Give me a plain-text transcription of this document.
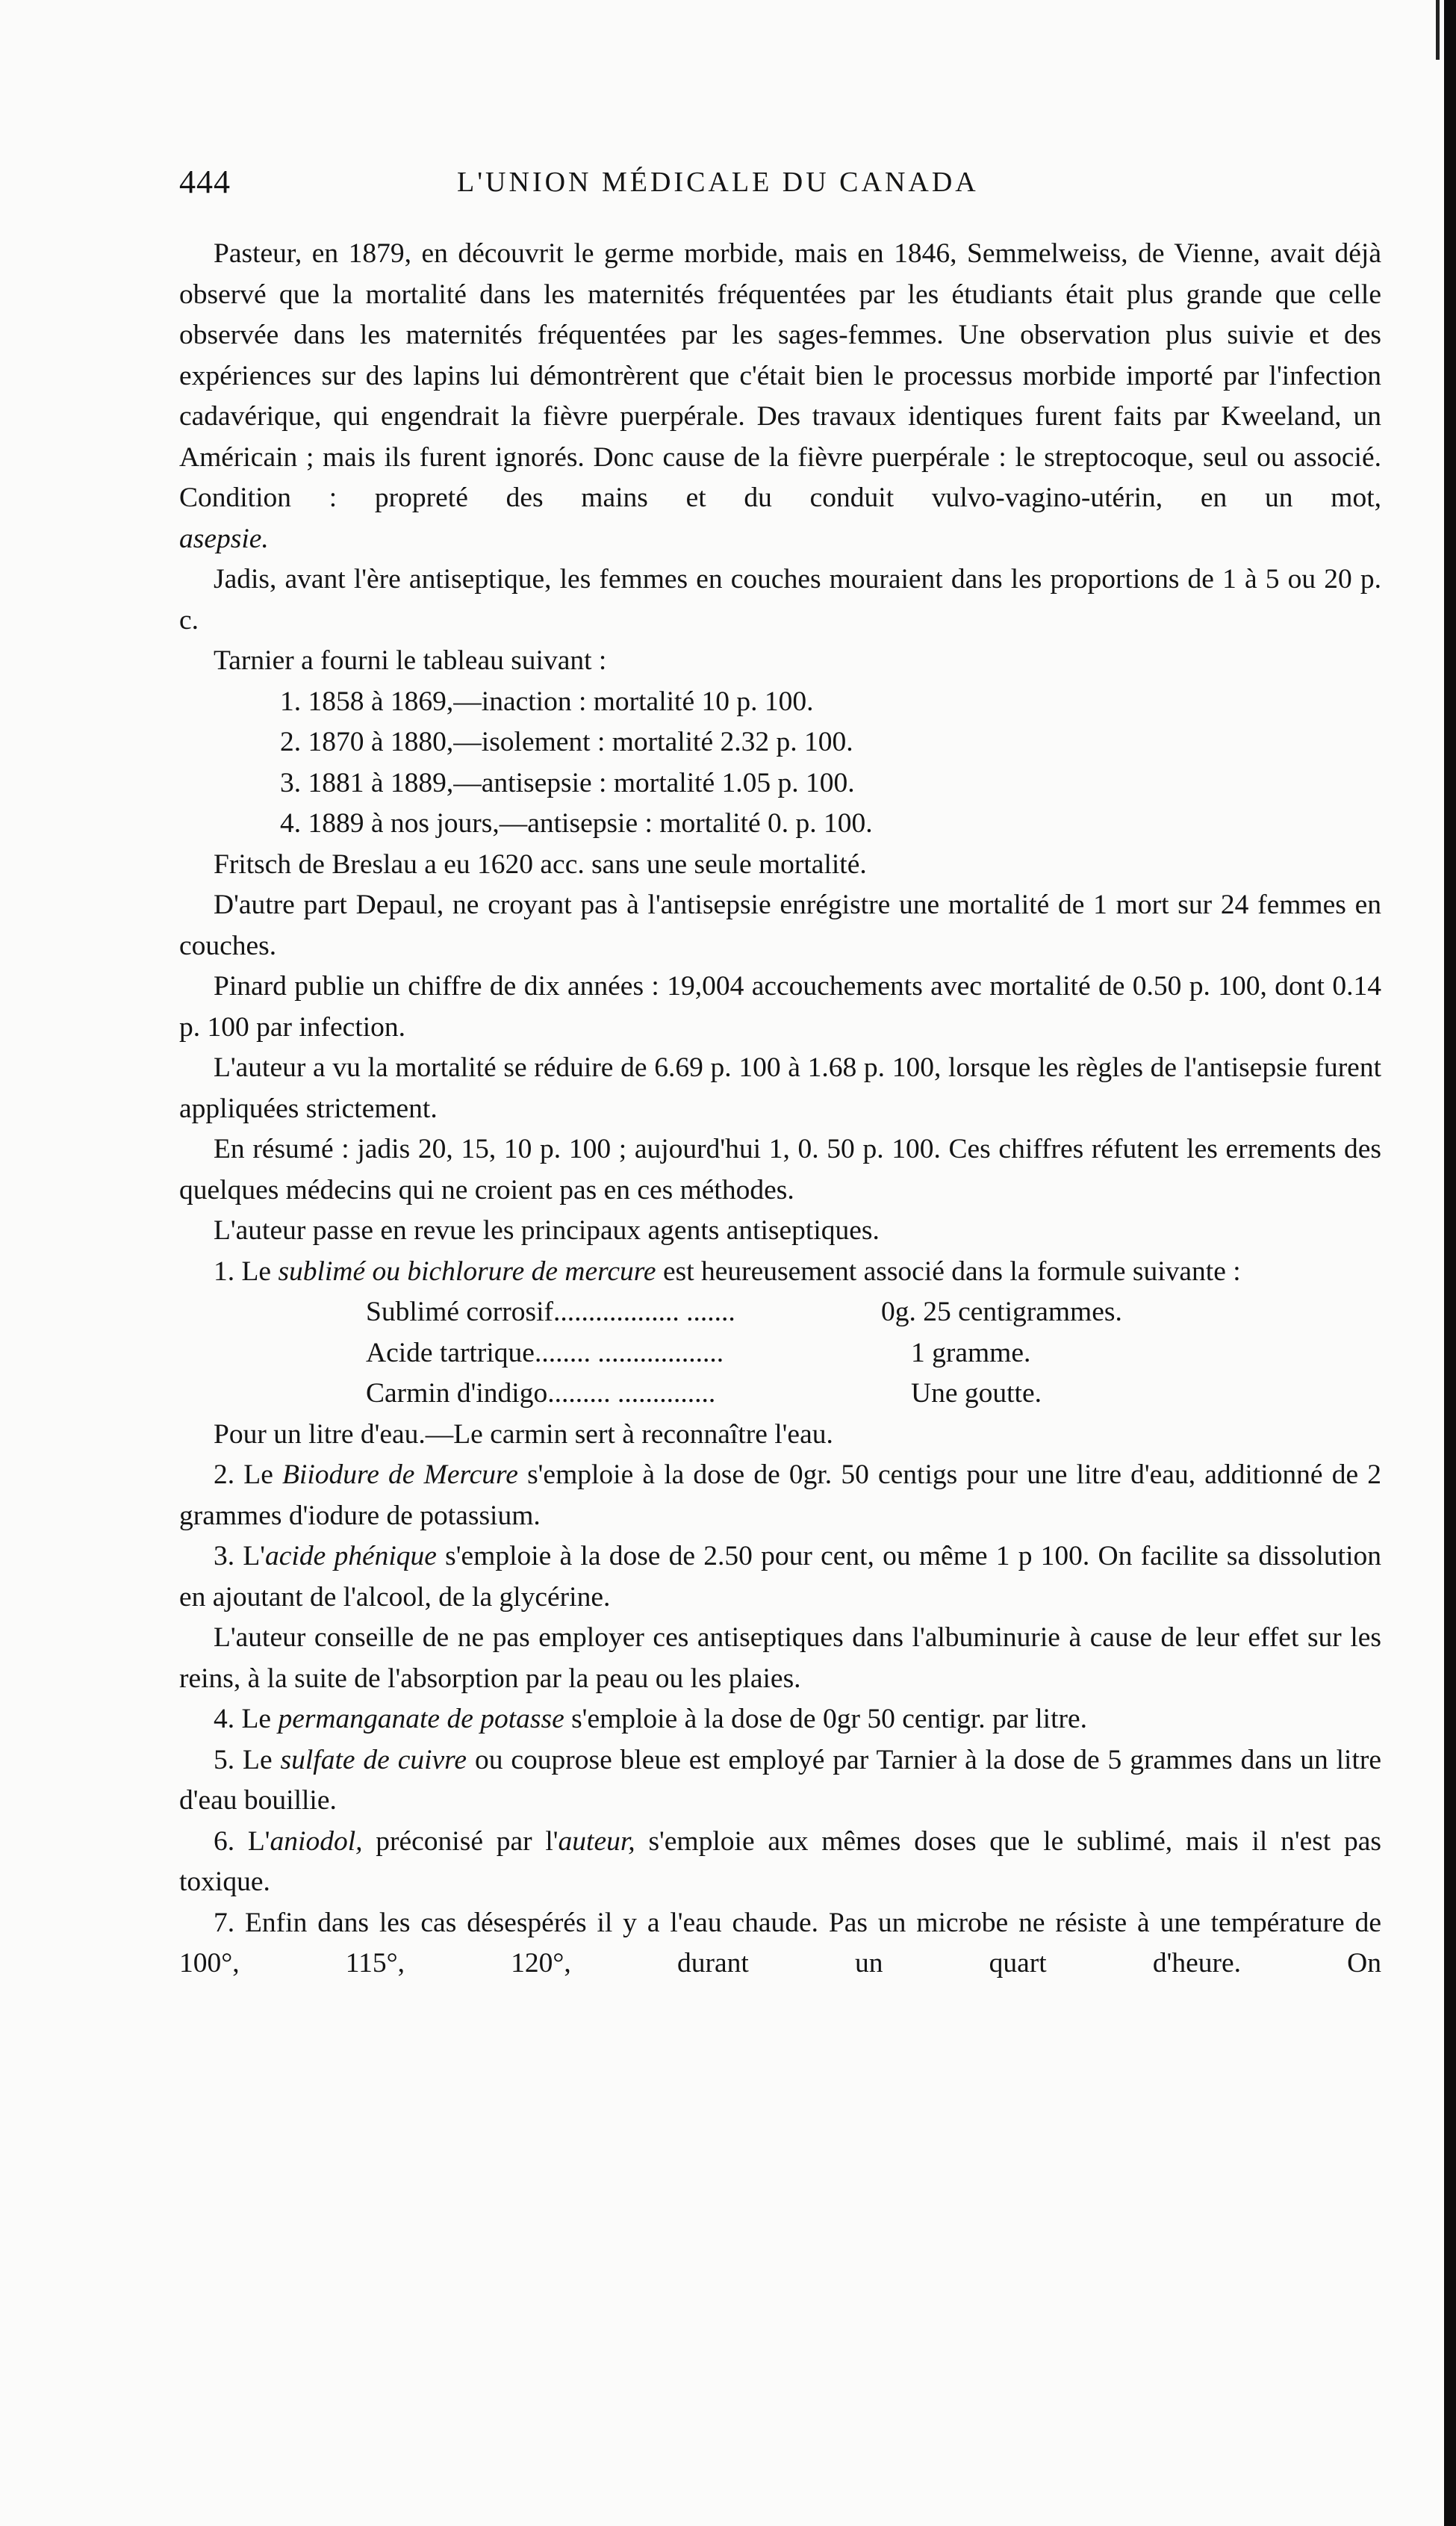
444	L'UNION MÉDICALE DU CANADA

Pasteur, en 1879, en découvrit le germe morbide, mais en 1846, Semmelweiss, de Vienne, avait déjà observé que la mortalité dans les maternités fréquentées par les étudiants était plus grande que celle observée dans les maternités fréquentées par les sages-femmes. Une observation plus suivie et des expériences sur des lapins lui démontrèrent que c'était bien le processus morbide importé par l'infection cadavérique, qui engendrait la fièvre puerpérale. Des travaux identiques furent faits par Kweeland, un Américain ; mais ils furent ignorés. Donc cause de la fièvre puerpérale : le streptocoque, seul ou associé. Condition : propreté des mains et du conduit vulvo-vagino-utérin, en un mot,
asepsie.

Jadis, avant l'ère antiseptique, les femmes en couches mouraient dans les proportions de 1 à 5 ou 20 p. c.

Tarnier a fourni le tableau suivant :

1. 1858 à 1869,—inaction : mortalité 10 p. 100.
2. 1870 à 1880,—isolement : mortalité 2.32 p. 100.
3. 1881 à 1889,—antisepsie : mortalité 1.05 p. 100.
4. 1889 à nos jours,—antisepsie : mortalité 0. p. 100.

Fritsch de Breslau a eu 1620 acc. sans une seule mortalité.

D'autre part Depaul, ne croyant pas à l'antisepsie enrégistre une mortalité de 1 mort sur 24 femmes en couches.

Pinard publie un chiffre de dix années : 19,004 accouchements avec mortalité de 0.50 p. 100, dont 0.14 p. 100 par infection.

L'auteur a vu la mortalité se réduire de 6.69 p. 100 à 1.68 p. 100, lorsque les règles de l'antisepsie furent appliquées strictement.

En résumé : jadis 20, 15, 10 p. 100 ; aujourd'hui 1, 0. 50 p. 100. Ces chiffres réfutent les errements des quelques médecins qui ne croient pas en ces méthodes.

L'auteur passe en revue les principaux agents antiseptiques.

1. Le sublimé ou bichlorure de mercure est heureusement associé dans la formule suivante :

Sublimé corrosif.................. .......	0g. 25 centigrammes.
Acide tartrique........ ..................	1 gramme.
Carmin d'indigo......... ..............	Une goutte.

Pour un litre d'eau.—Le carmin sert à reconnaître l'eau.

2. Le Biiodure de Mercure s'emploie à la dose de 0gr. 50 centigs pour une litre d'eau, additionné de 2 grammes d'iodure de potassium.

3. L'acide phénique s'emploie à la dose de 2.50 pour cent, ou même 1 p 100. On facilite sa dissolution en ajoutant de l'alcool, de la glycérine.

L'auteur conseille de ne pas employer ces antiseptiques dans l'albuminurie à cause de leur effet sur les reins, à la suite de l'absorption par la peau ou les plaies.

4. Le permanganate de potasse s'emploie à la dose de 0gr 50 centigr. par litre.

5. Le sulfate de cuivre ou couprose bleue est employé par Tarnier à la dose de 5 grammes dans un litre d'eau bouillie.

6. L'aniodol, préconisé par l'auteur, s'emploie aux mêmes doses que le sublimé, mais il n'est pas toxique.

7. Enfin dans les cas désespérés il y a l'eau chaude. Pas un microbe ne résiste à une température de 100°, 115°, 120°, durant un quart d'heure. On
